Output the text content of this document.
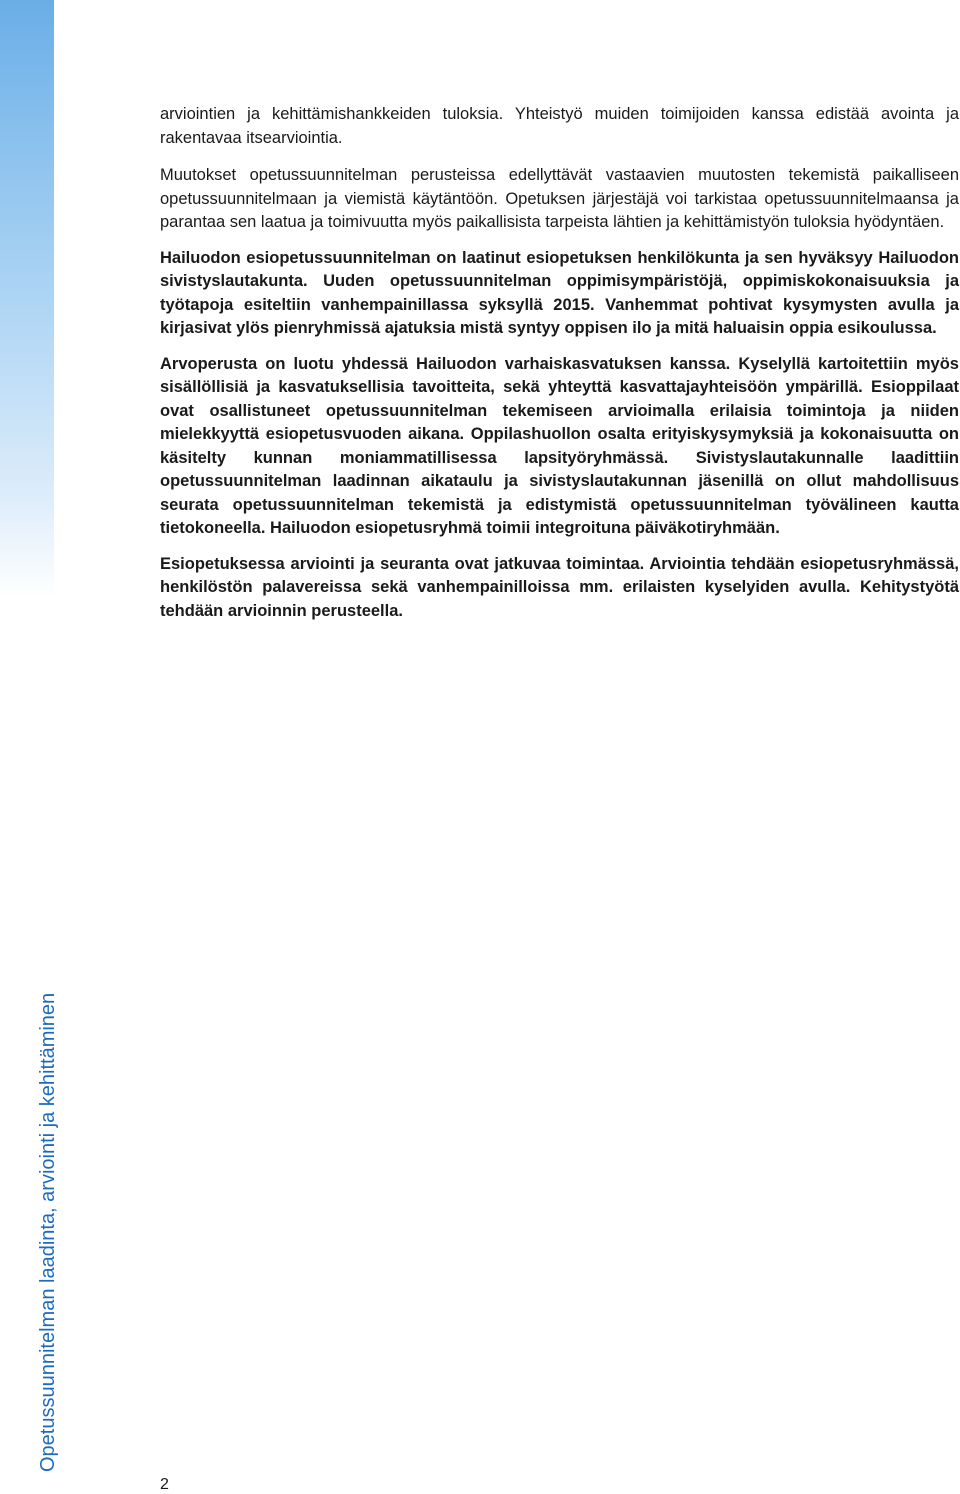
Opetussuunnitelman laadinta, arviointi ja kehittäminen

arviointien ja kehittämishankkeiden tuloksia. Yhteistyö muiden toimijoiden kanssa edistää avointa ja rakentavaa itsearviointia.

Muutokset opetussuunnitelman perusteissa edellyttävät vastaavien muutosten tekemistä paikalliseen opetussuunnitelmaan ja viemistä käytäntöön. Opetuksen järjestäjä voi tarkistaa opetussuunnitelmaansa ja parantaa sen laatua ja toimivuutta myös paikallisista tarpeista lähtien ja kehittämistyön tuloksia hyödyntäen.

Hailuodon esiopetussuunnitelman on laatinut esiopetuksen henkilökunta ja sen hyväksyy Hailuodon sivistyslautakunta. Uuden opetussuunnitelman oppimisympäristöjä, oppimiskokonaisuuksia ja työtapoja esiteltiin vanhempainillassa syksyllä 2015. Vanhemmat pohtivat kysymysten avulla ja kirjasivat ylös pienryhmissä ajatuksia mistä syntyy oppisen ilo ja mitä haluaisin oppia esikoulussa.

Arvoperusta on luotu yhdessä Hailuodon varhaiskasvatuksen kanssa. Kyselyllä kartoitettiin myös sisällöllisiä ja kasvatuksellisia tavoitteita, sekä yhteyttä kasvattajayhteisöön ympärillä. Esioppilaat ovat osallistuneet opetussuunnitelman tekemiseen arvioimalla erilaisia toimintoja ja niiden mielekkyyttä esiopetusvuoden aikana. Oppilashuollon osalta erityiskysymyksiä ja kokonaisuutta on käsitelty kunnan moniammatillisessa lapsityöryhmässä. Sivistyslautakunnalle laadittiin opetussuunnitelman laadinnan aikataulu ja sivistyslautakunnan jäsenillä on ollut mahdollisuus seurata opetussuunnitelman tekemistä ja edistymistä opetussuunnitelman työvälineen kautta tietokoneella. Hailuodon esiopetusryhmä toimii integroituna päiväkotiryhmään.

Esiopetuksessa arviointi ja seuranta ovat jatkuvaa toimintaa. Arviointia tehdään esiopetusryhmässä, henkilöstön palavereissa sekä vanhempainilloissa mm. erilaisten kyselyiden avulla. Kehitystyötä tehdään arvioinnin perusteella.

2
